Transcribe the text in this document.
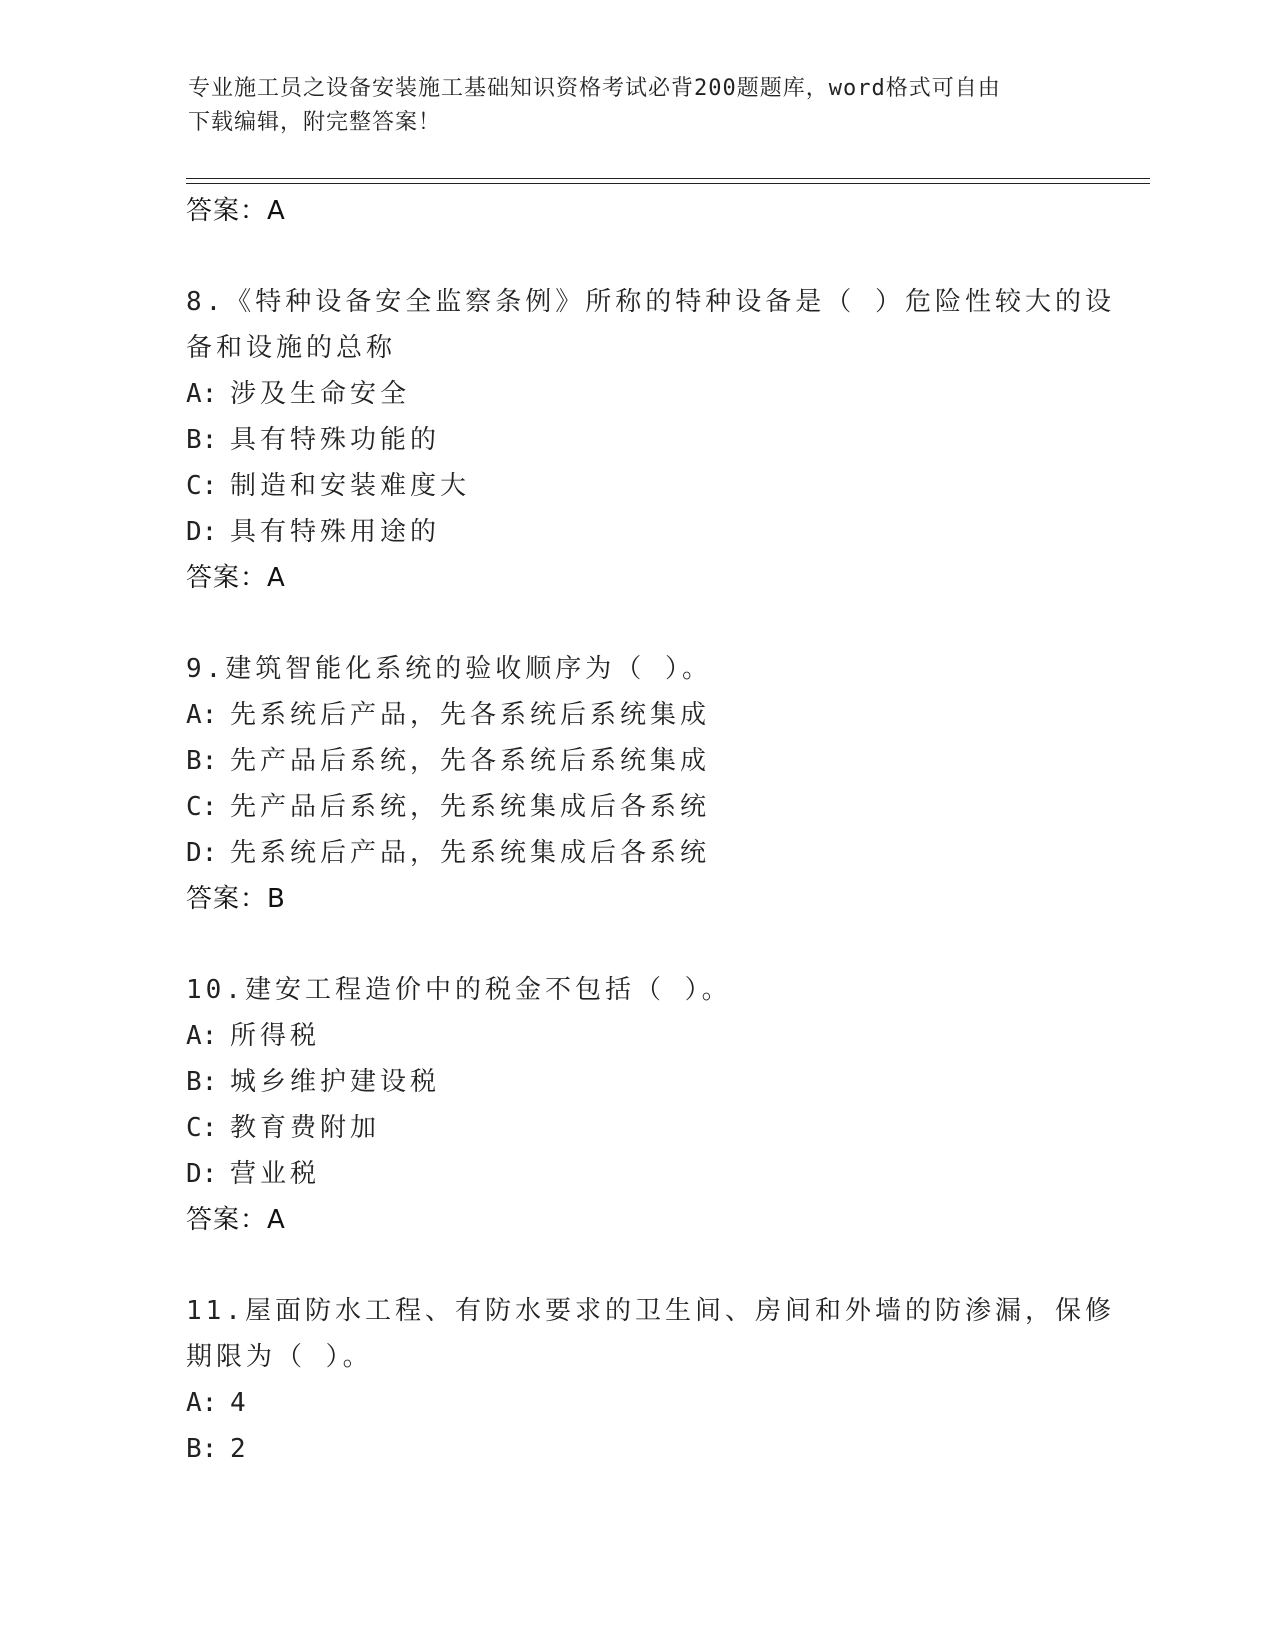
专业施工员之设备安装施工基础知识资格考试必背200题题库，word格式可自由
下载编辑，附完整答案！
答案：A
8.《特种设备安全监察条例》所称的特种设备是（ ）危险性较大的设
备和设施的总称
A: 涉及生命安全
B: 具有特殊功能的
C: 制造和安装难度大
D: 具有特殊用途的
答案：A
9.建筑智能化系统的验收顺序为（ ）。
A: 先系统后产品，先各系统后系统集成
B: 先产品后系统，先各系统后系统集成
C: 先产品后系统，先系统集成后各系统
D: 先系统后产品，先系统集成后各系统
答案：B
10.建安工程造价中的税金不包括（ ）。
A: 所得税
B: 城乡维护建设税
C: 教育费附加
D: 营业税
答案：A
11.屋面防水工程、有防水要求的卫生间、房间和外墙的防渗漏，保修
期限为（ ）。
A: 4
B: 2
